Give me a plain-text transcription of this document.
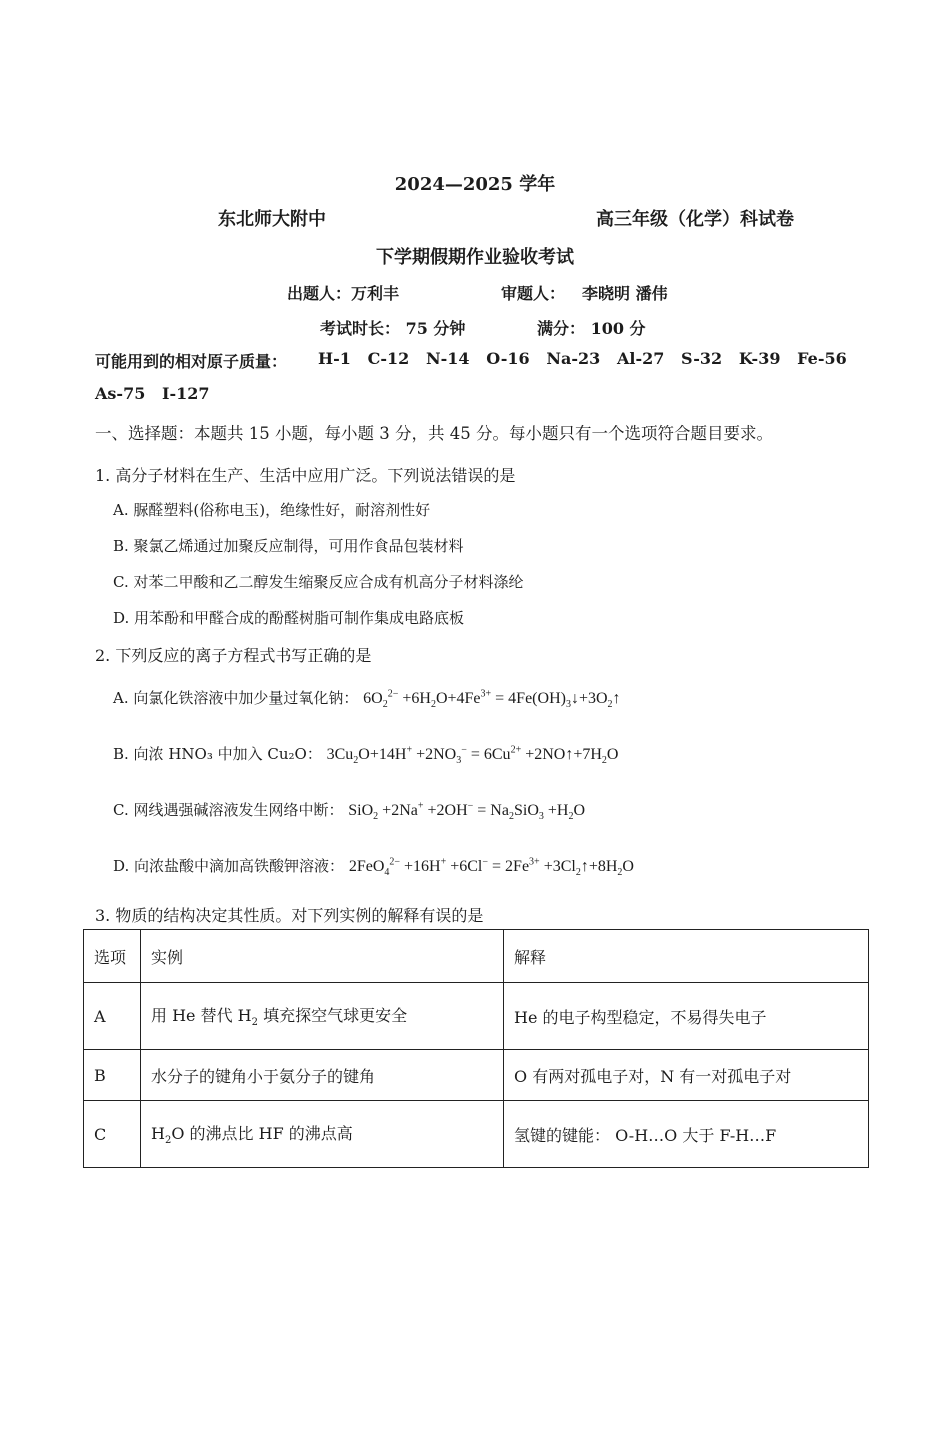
2024—2025 学年
东北师大附中	高三年级（化学）科试卷
下学期假期作业验收考试
出题人：万利丰	审题人： 李晓明 潘伟
考试时长： 75 分钟	满分： 100 分
可能用到的相对原子质量： H-1   C-12   N-14   O-16   Na-23   Al-27   S-32   K-39   Fe-56
As-75   I-127
一、选择题：本题共 15 小题，每小题 3 分，共 45 分。每小题只有一个选项符合题目要求。
1. 高分子材料在生产、生活中应用广泛。下列说法错误的是
A. 脲醛塑料(俗称电玉)，绝缘性好，耐溶剂性好
B. 聚氯乙烯通过加聚反应制得，可用作食品包装材料
C. 对苯二甲酸和乙二醇发生缩聚反应合成有机高分子材料涤纶
D. 用苯酚和甲醛合成的酚醛树脂可制作集成电路底板
2. 下列反应的离子方程式书写正确的是
A. 向氯化铁溶液中加少量过氧化钠： $6O_2^{2-} +6H_2O+4Fe^{3+}$ = $4Fe(OH)_3↓+3O_2↑$
B. 向浓 HNO₃ 中加入 Cu₂O： $3Cu_2O+14H^+ +2NO_3^- = 6Cu^{2+}$ $+2NO↑+7H_2O$
C. 网线遇强碱溶液发生网络中断： $SiO_2 +2Na^+ +2OH^- = Na_2SiO_3 +H_2O$
D. 向浓盐酸中滴加高铁酸钾溶液： $2FeO_4^{2-} +16H^+ +6Cl^- = 2Fe^{3+}$ $+3Cl_2↑+8H_2O$
3. 物质的结构决定其性质。对下列实例的解释有误的是
选项	实例	解释
A	用 He 替代 $H_2$ 填充探空气球更安全	He 的电子构型稳定，不易得失电子
B	水分子的键角小于氨分子的键角	O 有两对孤电子对，N 有一对孤电子对
C	$H_2O$ 的沸点比 HF 的沸点高	氢键的键能： O-H…O 大于 F-H…F
